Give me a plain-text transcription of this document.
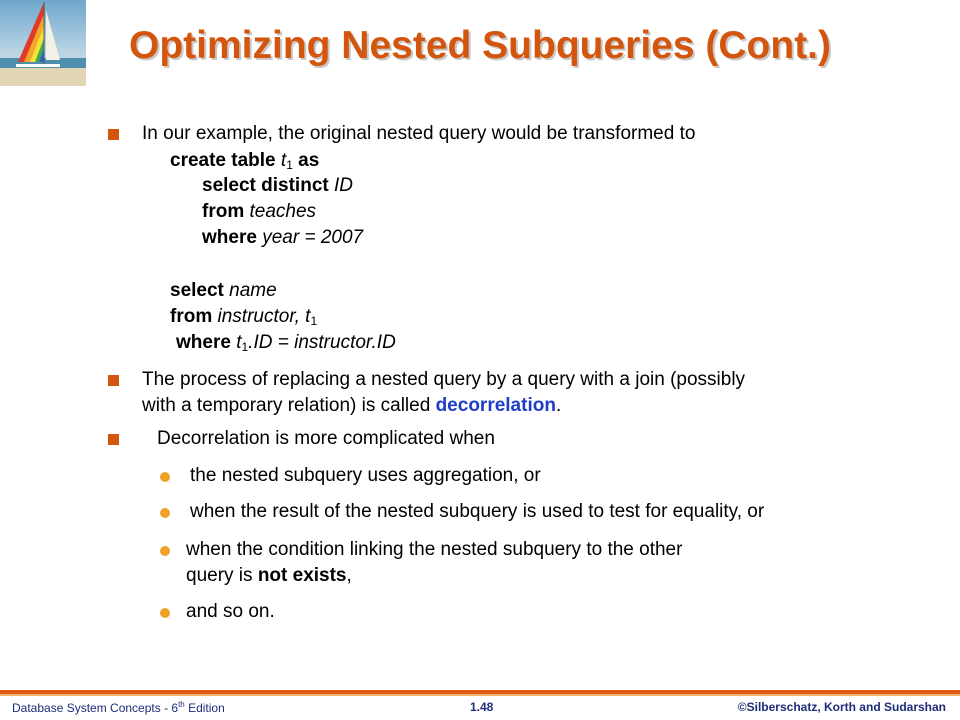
Optimizing Nested Subqueries (Cont.)
In our example, the original nested query would be transformed to
create table $t_1$ as
select distinct ID
from teaches
where year = 2007
select name
from instructor, $t_1$
where $t_1.ID$ = instructor.ID
The process of replacing a nested query by a query with a join (possibly
with a temporary relation) is called decorrelation.
Decorrelation is more complicated when
the nested subquery uses aggregation, or
when the result of the nested subquery is used to test for equality, or
when the condition linking the nested subquery to the other
query is not exists,
and so on.
Database System Concepts - 6th Edition	1.48	©Silberschatz, Korth and Sudarshan
